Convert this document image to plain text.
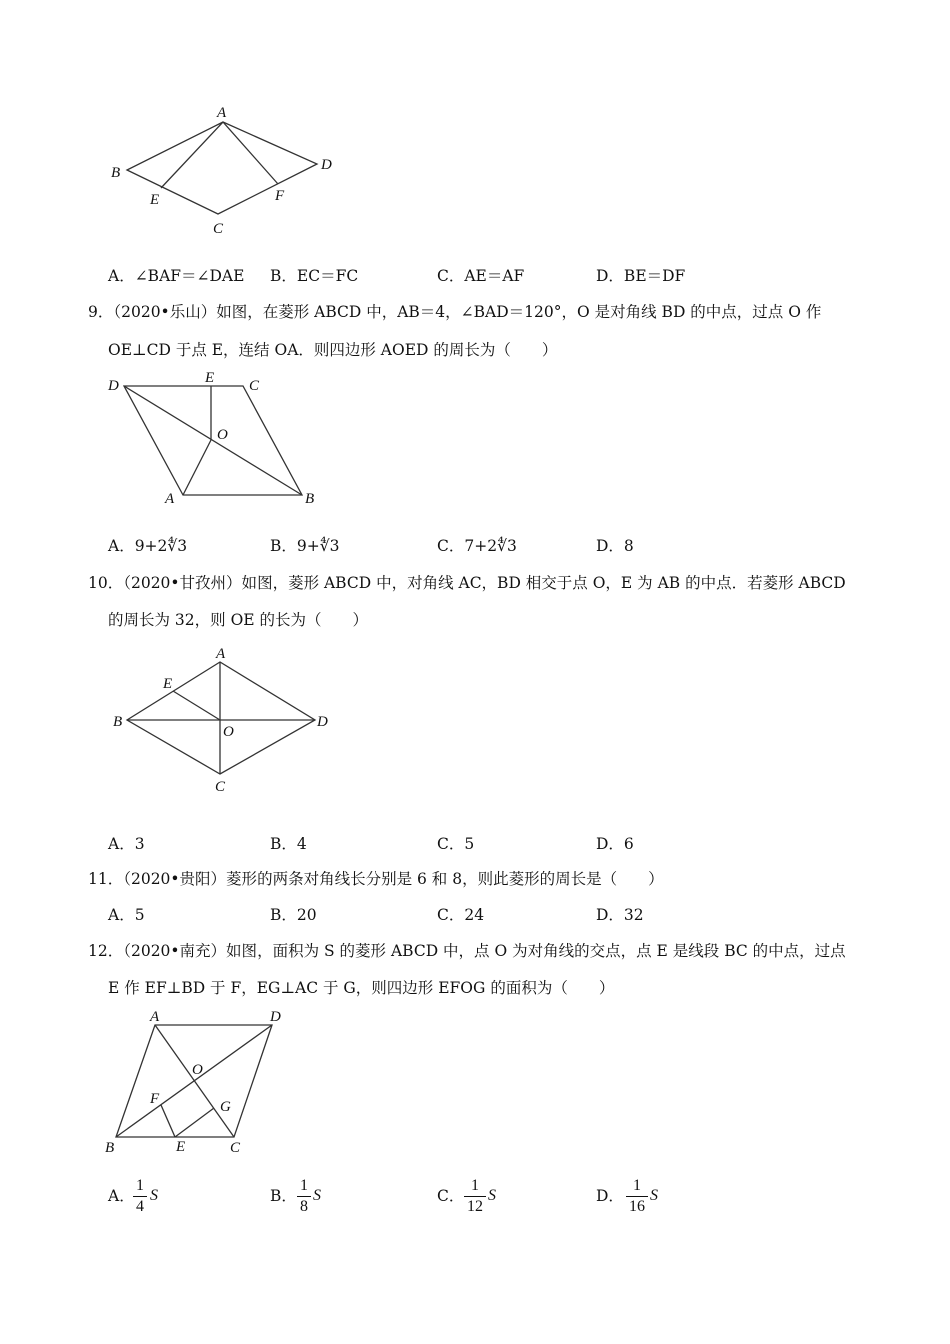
A
B
C
D
E	F
A．∠BAF＝∠DAE B．EC＝FC	C．AE＝AF	D．BE＝DF
9．（2020•乐山）如图，在菱形 ABCD 中，AB＝4，∠BAD＝120°，O 是对角线 BD 的中点，过点 O 作
OE⊥CD 于点 E，连结 OA．则四边形 AOED 的周长为（　　）
D	E C
O
A	B
A．9+2∜3	B．9+∜3	C．7+2∜3	D．8
10．（2020•甘孜州）如图，菱形 ABCD 中，对角线 AC，BD 相交于点 O，E 为 AB 的中点．若菱形 ABCD
的周长为 32，则 OE 的长为（　　）
A
B
C
D
E
O
A．3	B．4	C．5	D．6
11．（2020•贵阳）菱形的两条对角线长分别是 6 和 8，则此菱形的周长是（　　）
A．5	B．20	C．24	D．32
12．（2020•南充）如图，面积为 S 的菱形 ABCD 中，点 O 为对角线的交点，点 E 是线段 BC 的中点，过点
E 作 EF⊥BD 于 F，EG⊥AC 于 G，则四边形 EFOG 的面积为（　　）
A	D
O
F	G
B	E	C
A．
1
4
S	B．
1
8
S	C．
1
12
S	D．
1
16
S
